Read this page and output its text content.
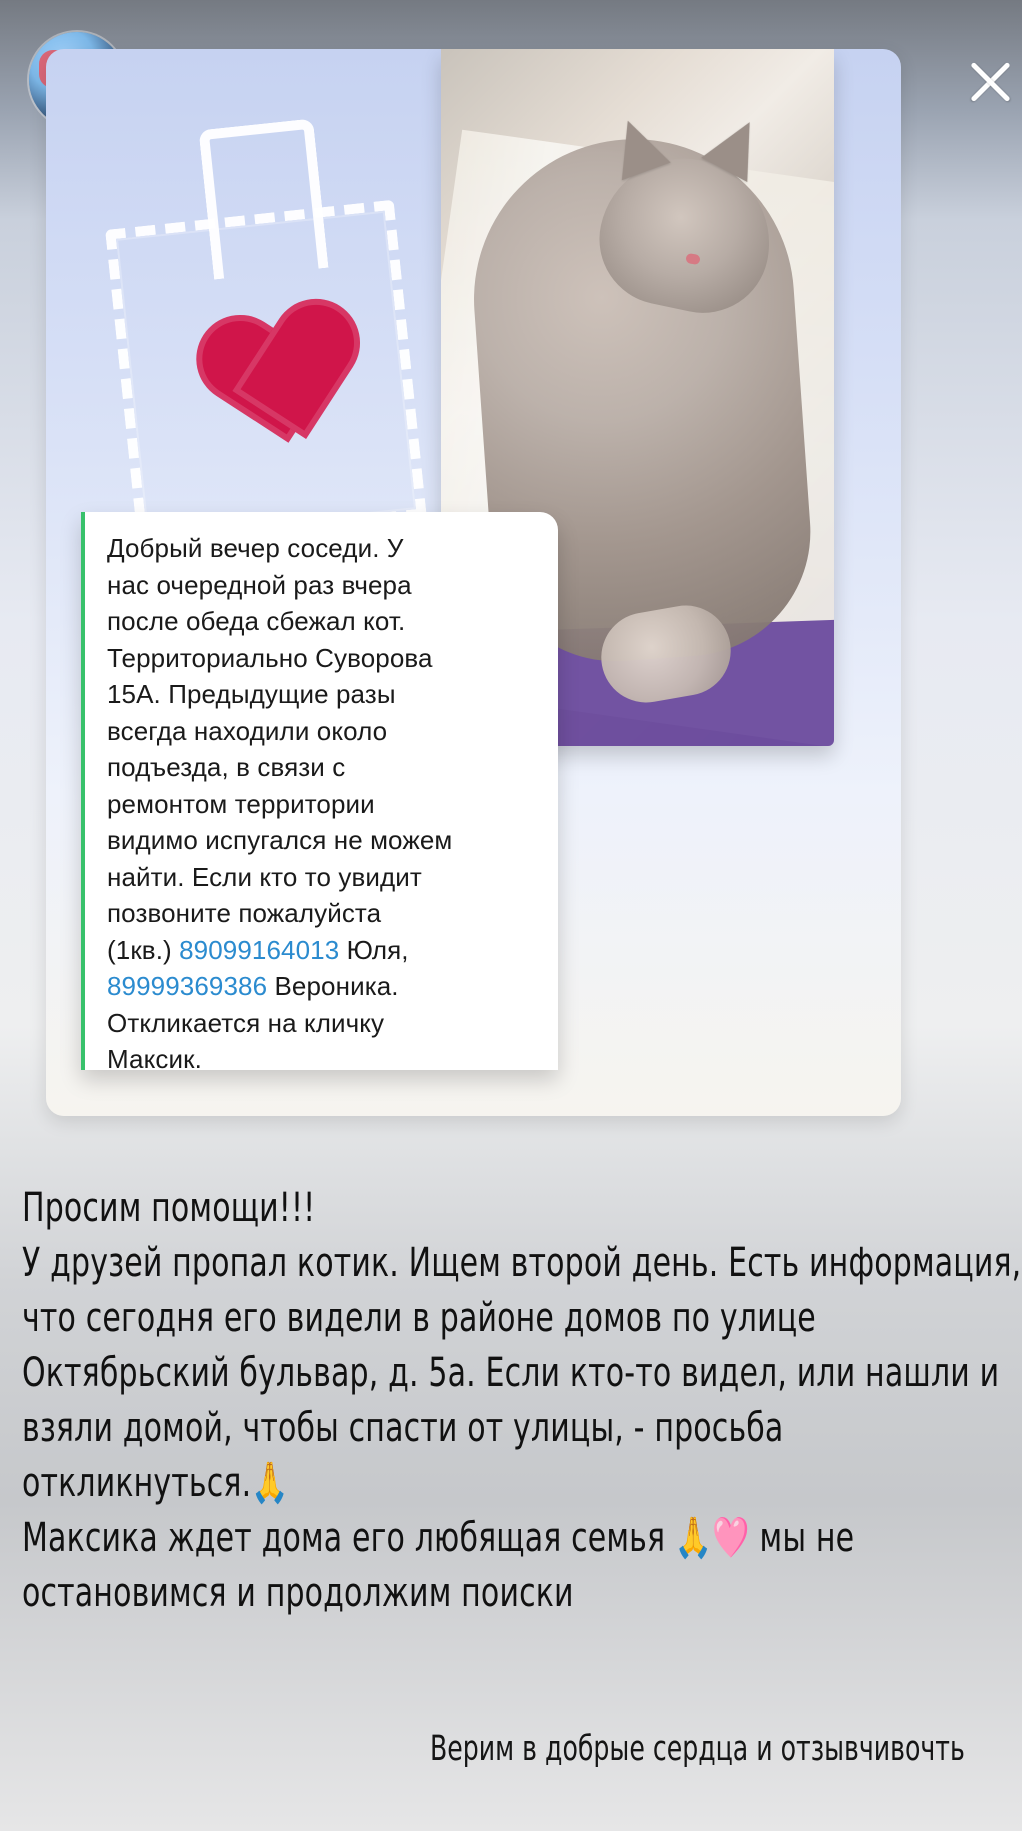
Добрый вечер соседи. У
нас очередной раз вчера
после обеда сбежал кот.
Территориально Суворова
15А. Предыдущие разы
всегда находили около
подъезда, в связи с
ремонтом территории
видимо испугался не можем
найти. Если кто то увидит
позвоните пожалуйста
(1кв.) 89099164013 Юля,
89999369386 Вероника.
Откликается на кличку
Максик.
Просим помощи!!!
У друзей пропал котик. Ищем второй день. Есть информация,
что сегодня его видели в районе домов по улице
Октябрьский бульвар, д. 5а. Если кто-то видел, или нашли и
взяли домой, чтобы спасти от улицы, - просьба
откликнуться.🙏
Максика ждет дома его любящая семья 🙏🩷 мы не
остановимся и продолжим поиски
Верим в добрые сердца и отзывчивочть
